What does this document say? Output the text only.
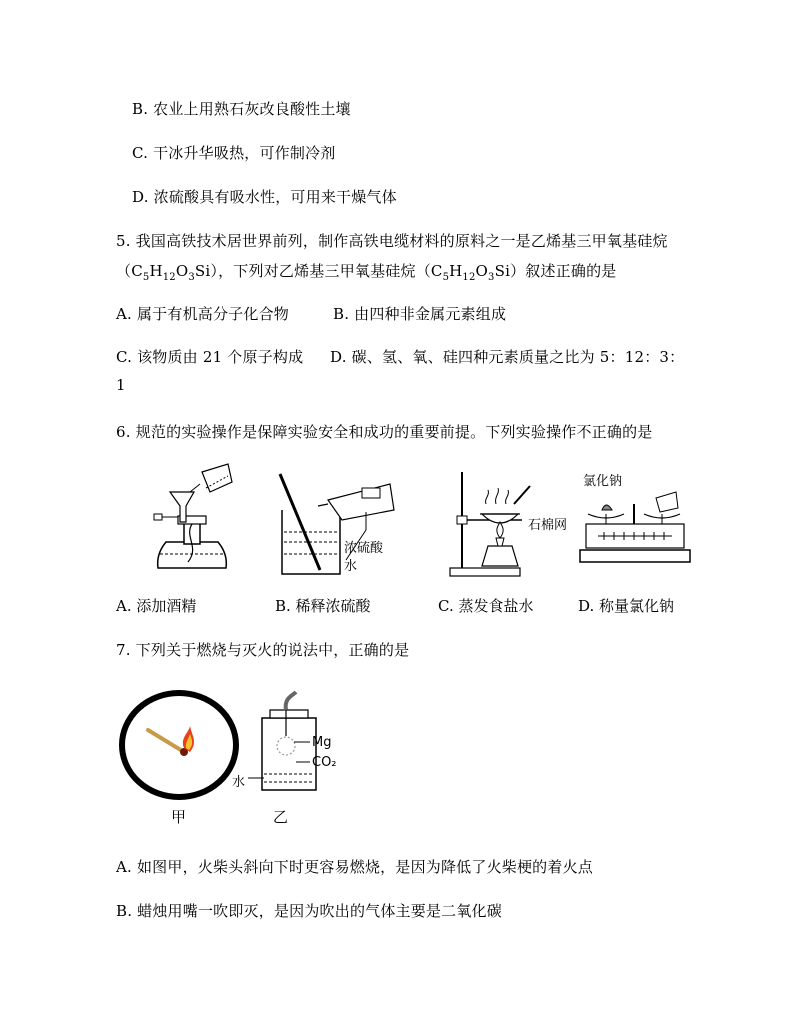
B. 农业上用熟石灰改良酸性土壤
C. 干冰升华吸热，可作制冷剂
D. 浓硫酸具有吸水性，可用来干燥气体
5. 我国高铁技术居世界前列，制作高铁电缆材料的原料之一是乙烯基三甲氧基硅烷
$(C_5H_{12}O_3Si)$，下列对乙烯基三甲氧基硅烷$(C_5H_{12}O_3Si)$叙述正确的是
A. 属于有机高分子化合物	B. 由四种非金属元素组成
C. 该物质由 21 个原子构成 D. 碳、氢、氧、硅四种元素质量之比为 5：12：3：
1
6. 规范的实验操作是保障实验安全和成功的重要前提。下列实验操作不正确的是
浓硫酸
水
石棉网
氯化钠
A. 添加酒精	B. 稀释浓硫酸	C. 蒸发食盐水	D. 称量氯化钠
7. 下列关于燃烧与灭火的说法中，正确的是
Mg
CO₂
水
甲	乙
A. 如图甲，火柴头斜向下时更容易燃烧，是因为降低了火柴梗的着火点
B. 蜡烛用嘴一吹即灭，是因为吹出的气体主要是二氧化碳
